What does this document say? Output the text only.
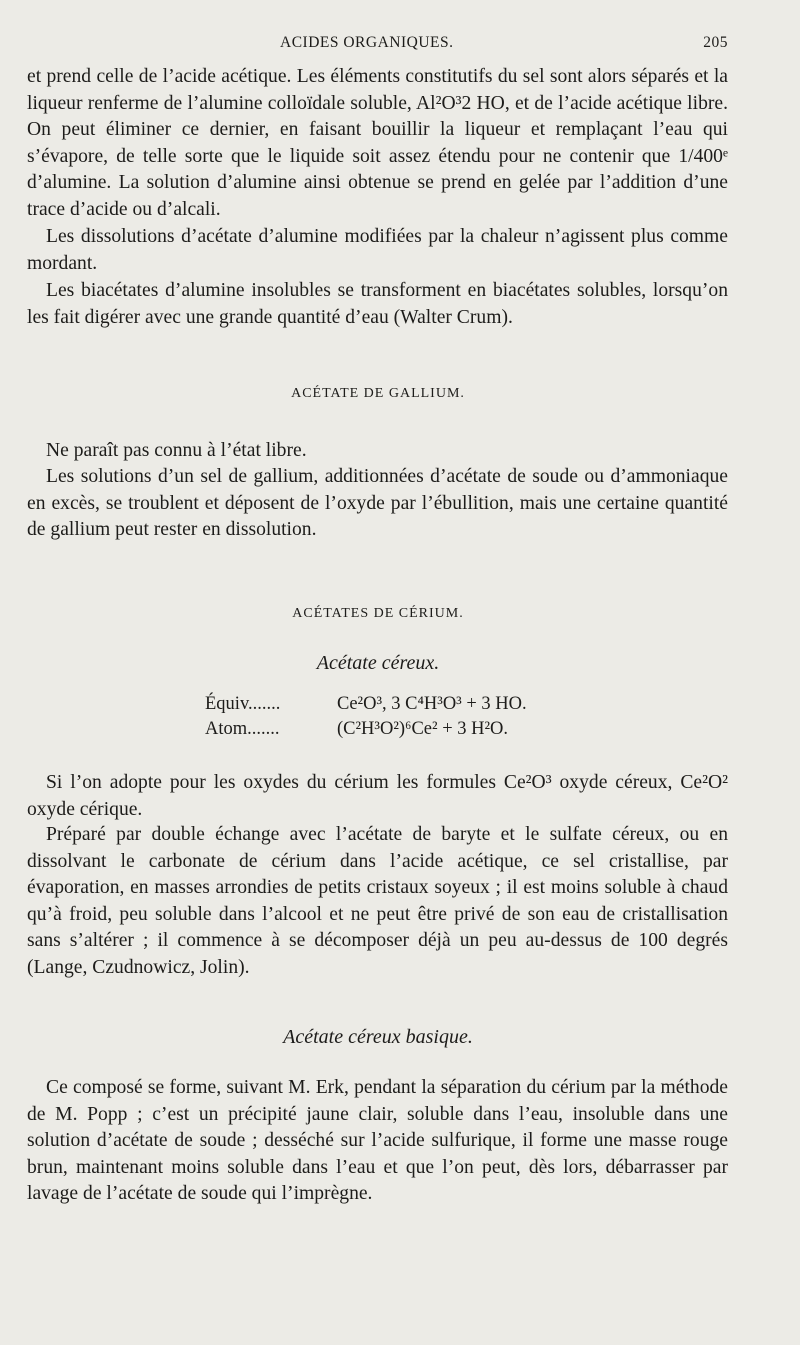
ACIDES ORGANIQUES.	205

et prend celle de l’acide acétique. Les éléments constitutifs du sel sont alors séparés et la liqueur renferme de l’alumine colloïdale soluble, Al²O³2 HO, et de l’acide acétique libre. On peut éliminer ce dernier, en faisant bouillir la liqueur et remplaçant l’eau qui s’évapore, de telle sorte que le liquide soit assez étendu pour ne contenir que 1/400ᵉ d’alumine. La solution d’alumine ainsi obtenue se prend en gelée par l’addition d’une trace d’acide ou d’alcali.

Les dissolutions d’acétate d’alumine modifiées par la chaleur n’agissent plus comme mordant.

Les biacétates d’alumine insolubles se transforment en biacétates solubles, lorsqu’on les fait digérer avec une grande quantité d’eau (Walter Crum).

ACÉTATE DE GALLIUM.

Ne paraît pas connu à l’état libre.

Les solutions d’un sel de gallium, additionnées d’acétate de soude ou d’ammoniaque en excès, se troublent et déposent de l’oxyde par l’ébullition, mais une certaine quantité de gallium peut rester en dissolution.

ACÉTATES DE CÉRIUM.
Acétate céreux.
Équiv.......	Ce²O³, 3 C⁴H³O³ + 3 HO.
Atom.......	(C²H³O²)⁶Ce² + 3 H²O.

Si l’on adopte pour les oxydes du cérium les formules Ce²O³ oxyde céreux, Ce²O² oxyde cérique.

Préparé par double échange avec l’acétate de baryte et le sulfate céreux, ou en dissolvant le carbonate de cérium dans l’acide acétique, ce sel cristallise, par évaporation, en masses arrondies de petits cristaux soyeux ; il est moins soluble à chaud qu’à froid, peu soluble dans l’alcool et ne peut être privé de son eau de cristallisation sans s’altérer ; il commence à se décomposer déjà un peu au-dessus de 100 degrés (Lange, Czudnowicz, Jolin).

Acétate céreux basique.

Ce composé se forme, suivant M. Erk, pendant la séparation du cérium par la méthode de M. Popp ; c’est un précipité jaune clair, soluble dans l’eau, insoluble dans une solution d’acétate de soude ; desséché sur l’acide sulfurique, il forme une masse rouge brun, maintenant moins soluble dans l’eau et que l’on peut, dès lors, débarrasser par lavage de l’acétate de soude qui l’imprègne.
